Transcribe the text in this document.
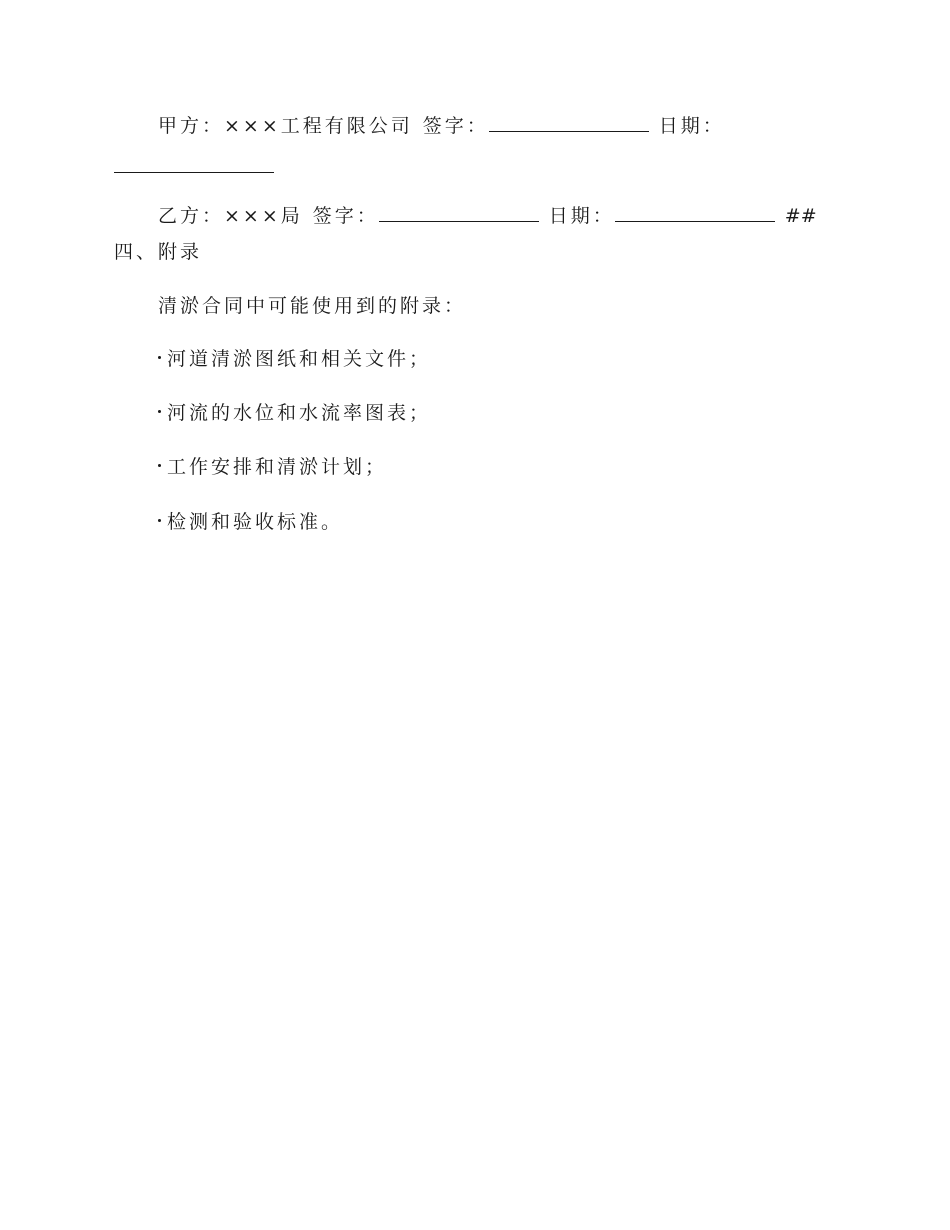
甲方：×××工程有限公司 签字：	日期：
乙方：×××局 签字：	日期：	##
四、附录
清淤合同中可能使用到的附录：
河道清淤图纸和相关文件；
河流的水位和水流率图表；
工作安排和清淤计划；
检测和验收标准。
